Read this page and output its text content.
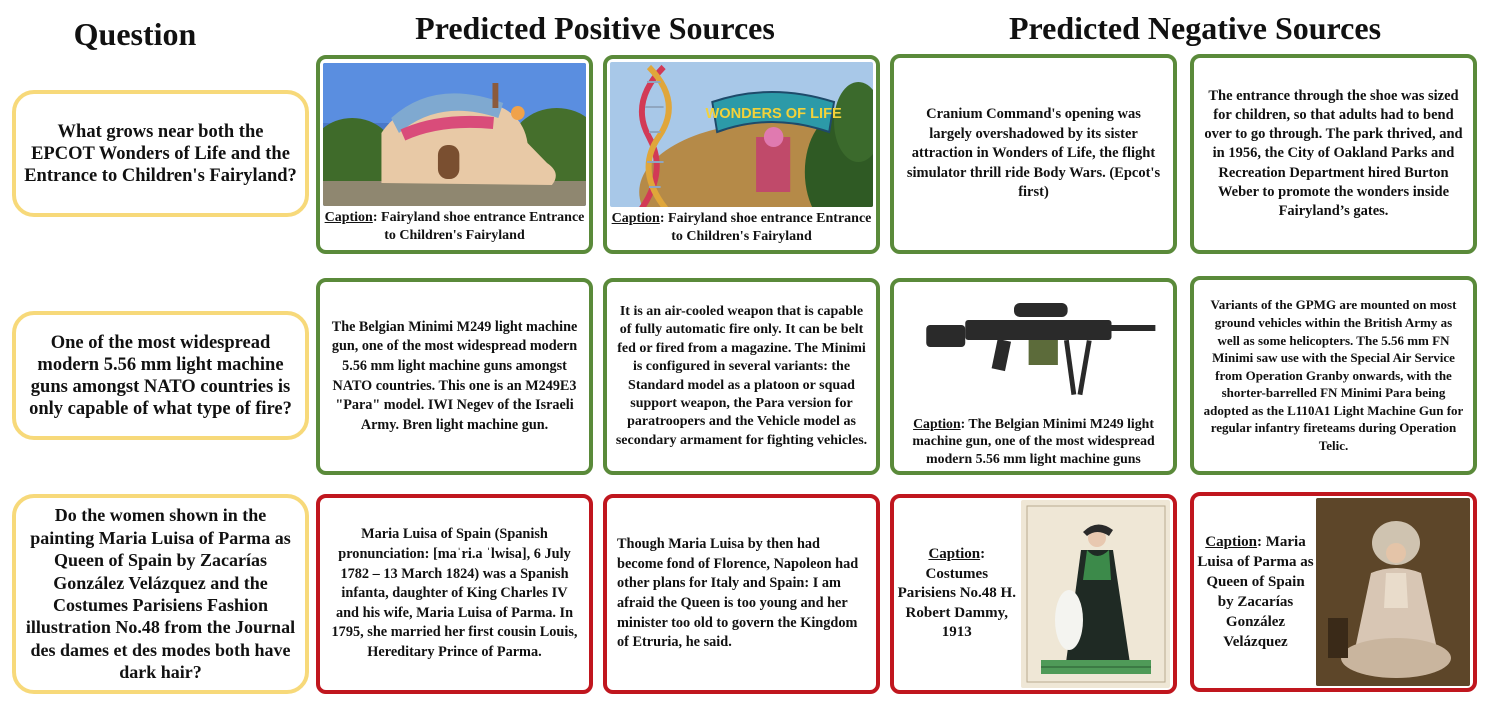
Question	Predicted Positive Sources	Predicted Negative Sources
What grows near both the EPCOT Wonders of Life and the Entrance to Children's Fairyland?
Caption: Fairyland shoe entrance Entrance to Children's Fairyland
WONDERS OF LIFE
Caption: Fairyland shoe entrance Entrance to Children's Fairyland
Cranium Command's opening was largely overshadowed by its sister attraction in Wonders of Life, the flight simulator thrill ride Body Wars. (Epcot's first)
The entrance through the shoe was sized for children, so that adults had to bend over to go through. The park thrived, and in 1956, the City of Oakland Parks and Recreation Department hired Burton Weber to promote the wonders inside Fairyland’s gates.
One of the most widespread modern 5.56 mm light machine guns amongst NATO countries is only capable of what type of fire?
The Belgian Minimi M249 light machine gun, one of the most widespread modern 5.56 mm light machine guns amongst NATO countries. This one is an M249E3 "Para" model. IWI Negev of the Israeli Army. Bren light machine gun.
It is an air-cooled weapon that is capable of fully automatic fire only. It can be belt fed or fired from a magazine. The Minimi is configured in several variants: the Standard model as a platoon or squad support weapon, the Para version for paratroopers and the Vehicle model as secondary armament for fighting vehicles.
Caption: The Belgian Minimi M249 light machine gun, one of the most widespread modern 5.56 mm light machine guns
Variants of the GPMG are mounted on most ground vehicles within the British Army as well as some helicopters. The 5.56 mm FN Minimi saw use with the Special Air Service from Operation Granby onwards, with the shorter-barrelled FN Minimi Para being adopted as the L110A1 Light Machine Gun for regular infantry fireteams during Operation Telic.
Do the women shown in the painting Maria Luisa of Parma as Queen of Spain by Zacarías González Velázquez and the Costumes Parisiens Fashion illustration No.48 from the Journal des dames et des modes both have dark hair?
Maria Luisa of Spain (Spanish pronunciation: [maˈri.a ˈlwisa], 6 July 1782 – 13 March 1824) was a Spanish infanta, daughter of King Charles IV and his wife, Maria Luisa of Parma. In 1795, she married her first cousin Louis, Hereditary Prince of Parma.
Though Maria Luisa by then had become fond of Florence, Napoleon had other plans for Italy and Spain: I am afraid the Queen is too young and her minister too old to govern the Kingdom of Etruria, he said.
Caption:
Costumes Parisiens No.48 H. Robert Dammy, 1913
Caption: Maria Luisa of Parma as Queen of Spain by Zacarías González Velázquez
